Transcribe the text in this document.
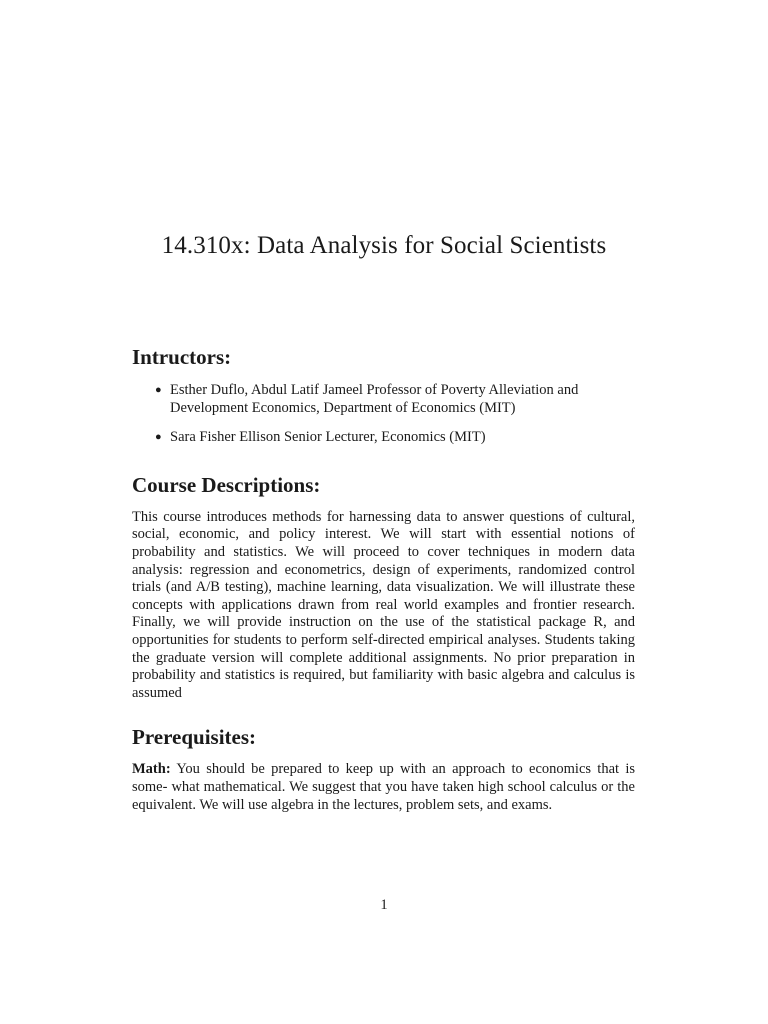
14.310x: Data Analysis for Social Scientists
Intructors:
● Esther Duflo, Abdul Latif Jameel Professor of Poverty Alleviation and Development Economics, Department of Economics (MIT)
● Sara Fisher Ellison Senior Lecturer, Economics (MIT)
Course Descriptions:

This course introduces methods for harnessing data to answer questions of cultural, social, economic, and policy interest. We will start with essential notions of probability and statistics. We will proceed to cover techniques in modern data analysis: regression and econometrics, design of experiments, randomized control trials (and A/B testing), machine learning, data visualization. We will illustrate these concepts with applications drawn from real world examples and frontier research. Finally, we will provide instruction on the use of the statistical package R, and opportunities for students to perform self-directed empirical analyses. Students taking the graduate version will complete additional assignments. No prior preparation in probability and statistics is required, but familiarity with basic algebra and calculus is assumed

Prerequisites:

Math: You should be prepared to keep up with an approach to economics that is some- what mathematical. We suggest that you have taken high school calculus or the equivalent. We will use algebra in the lectures, problem sets, and exams.

1
